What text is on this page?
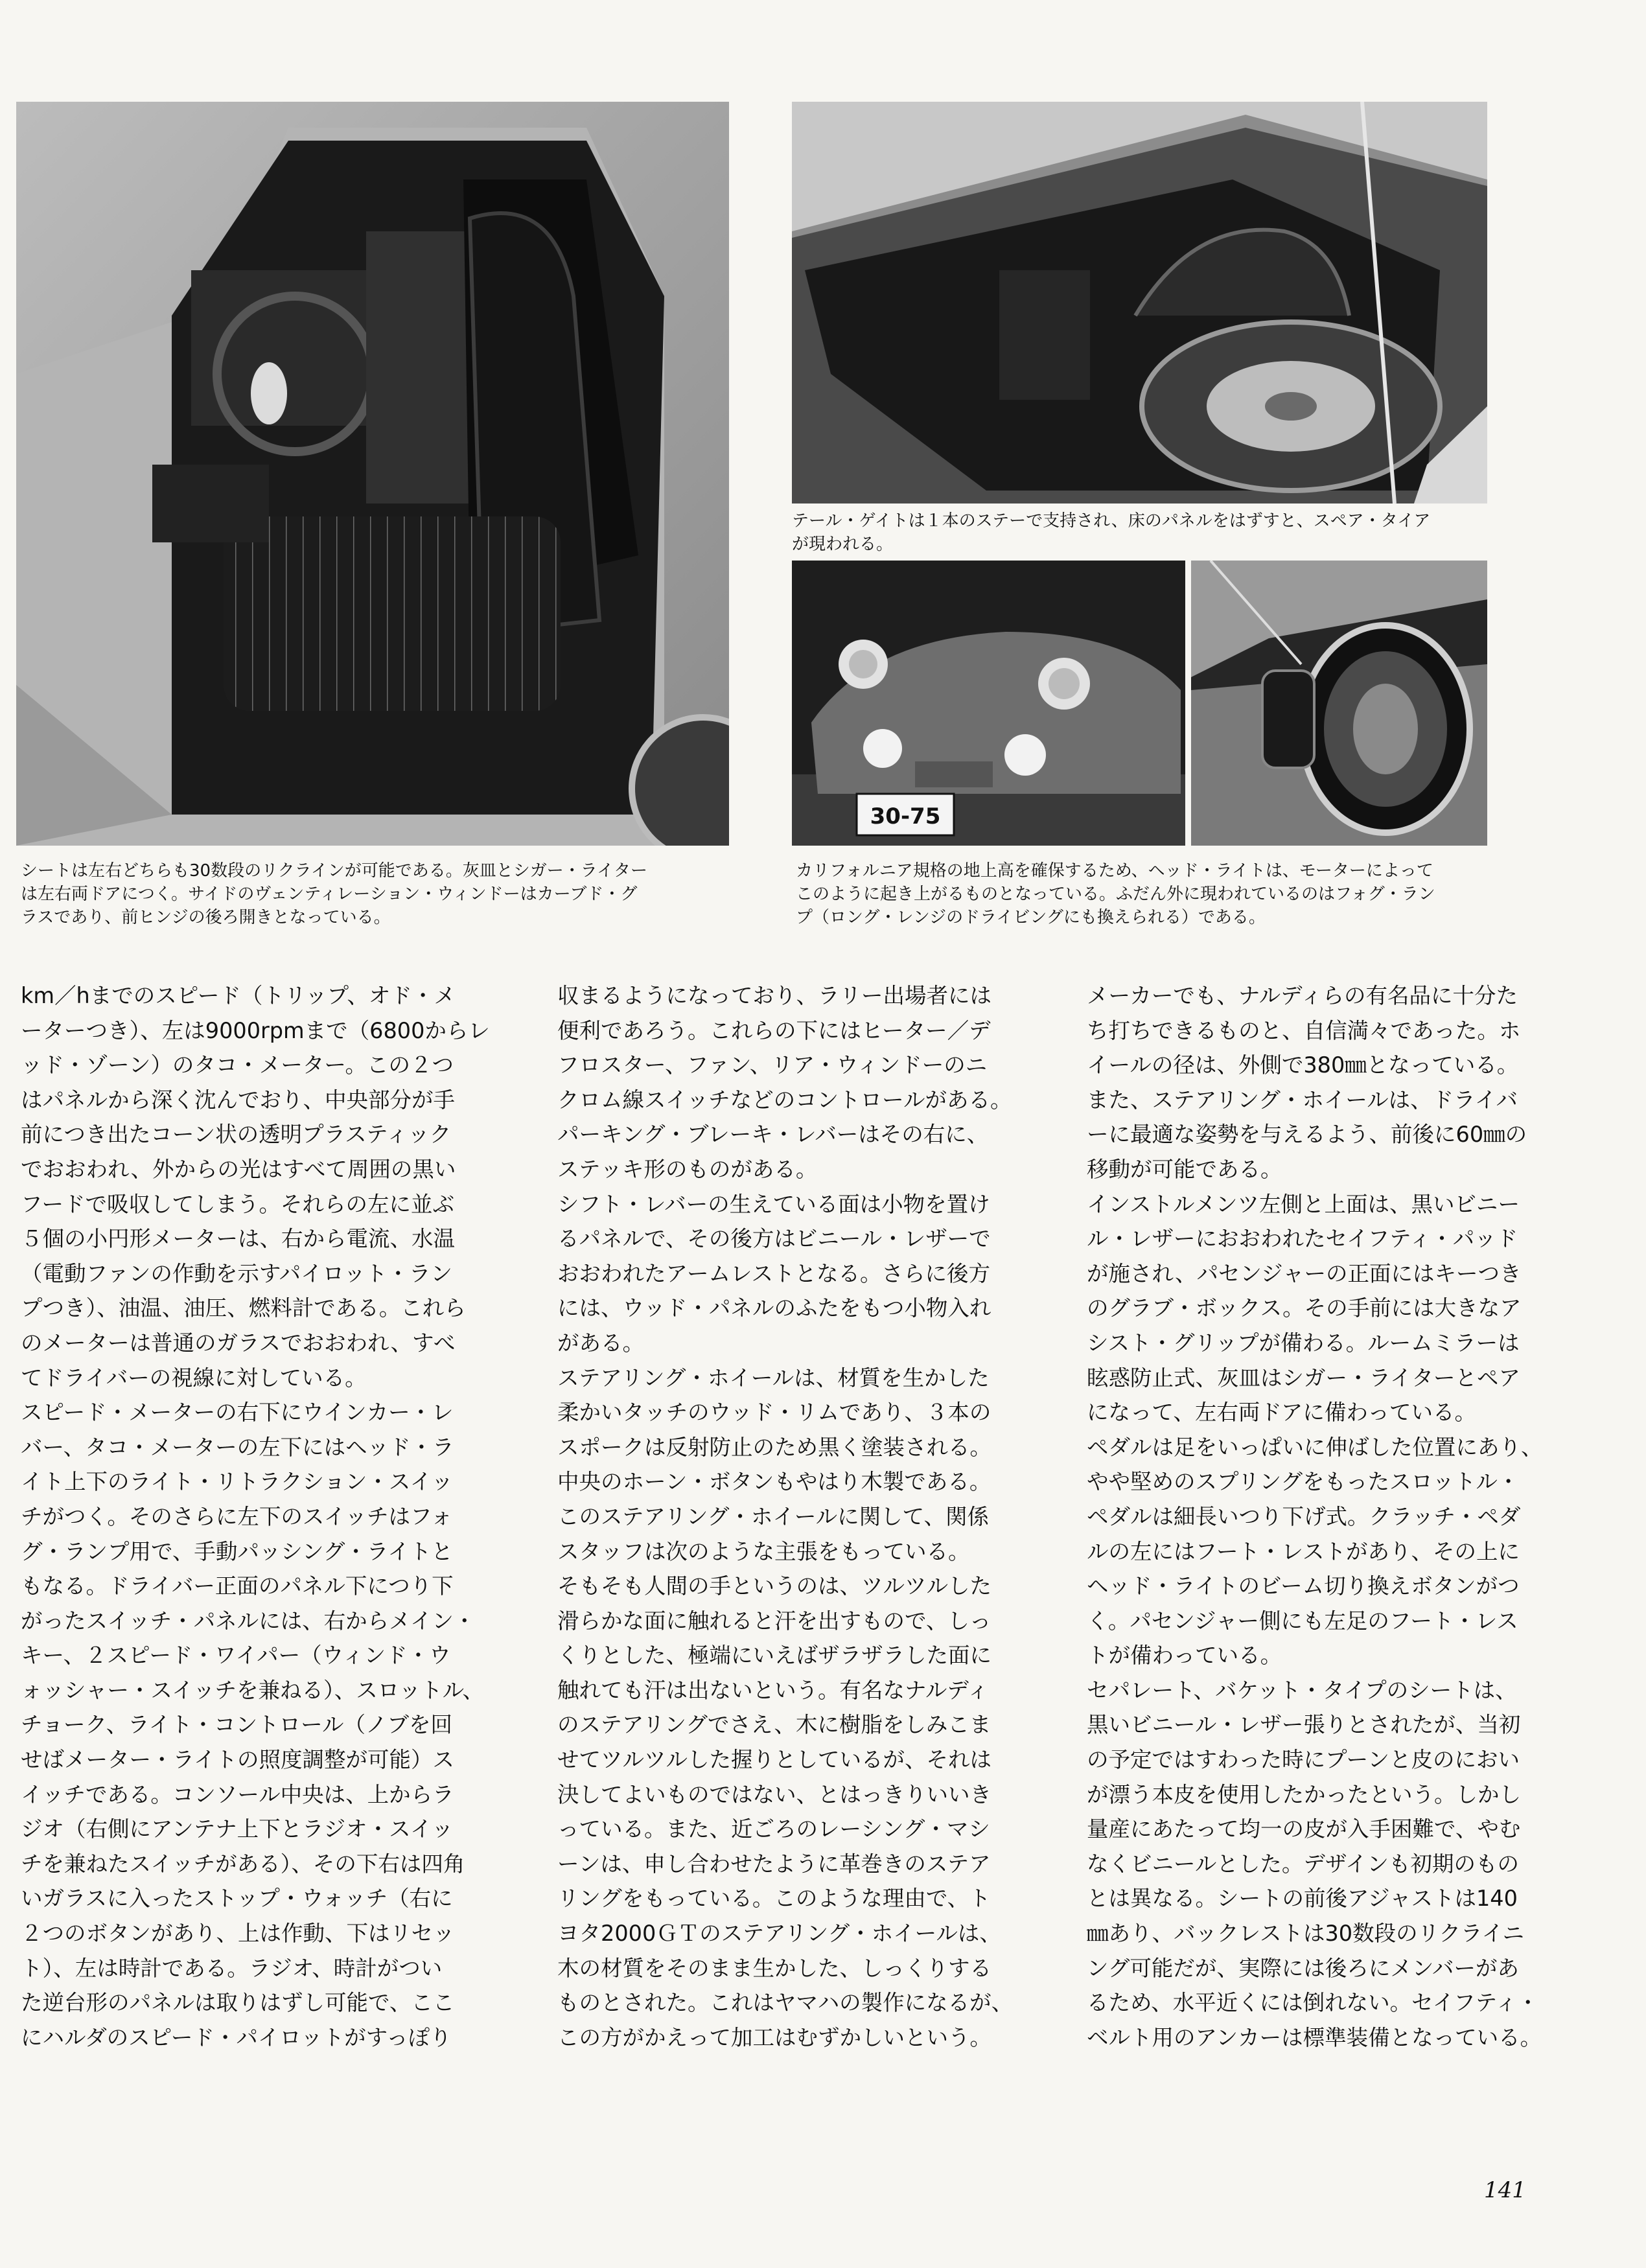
30-75
シートは左右どちらも30数段のリクラインが可能である。灰皿とシガー・ライター
は左右両ドアにつく。サイドのヴェンティレーション・ウィンドーはカーブド・グ
ラスであり、前ヒンジの後ろ開きとなっている。
テール・ゲイトは１本のステーで支持され、床のパネルをはずすと、スペア・タイア
が現われる。
カリフォルニア規格の地上高を確保するため、ヘッド・ライトは、モーターによって
このように起き上がるものとなっている。ふだん外に現われているのはフォグ・ラン
プ（ロング・レンジのドライビングにも換えられる）である。
km／hまでのスピード（トリップ、オド・メ
ーターつき）、左は9000rpmまで（6800からレ
ッド・ゾーン）のタコ・メーター。この２つ
はパネルから深く沈んでおり、中央部分が手
前につき出たコーン状の透明プラスティック
でおおわれ、外からの光はすべて周囲の黒い
フードで吸収してしまう。それらの左に並ぶ
５個の小円形メーターは、右から電流、水温
（電動ファンの作動を示すパイロット・ラン
プつき）、油温、油圧、燃料計である。これら
のメーターは普通のガラスでおおわれ、すべ
てドライバーの視線に対している。
スピード・メーターの右下にウインカー・レ
バー、タコ・メーターの左下にはヘッド・ラ
イト上下のライト・リトラクション・スイッ
チがつく。そのさらに左下のスイッチはフォ
グ・ランプ用で、手動パッシング・ライトと
もなる。ドライバー正面のパネル下につり下
がったスイッチ・パネルには、右からメイン・
キー、２スピード・ワイパー（ウィンド・ウ
ォッシャー・スイッチを兼ねる）、スロットル、
チョーク、ライト・コントロール（ノブを回
せばメーター・ライトの照度調整が可能）ス
イッチである。コンソール中央は、上からラ
ジオ（右側にアンテナ上下とラジオ・スイッ
チを兼ねたスイッチがある）、その下右は四角
いガラスに入ったストップ・ウォッチ（右に
２つのボタンがあり、上は作動、下はリセッ
ト）、左は時計である。ラジオ、時計がつい
た逆台形のパネルは取りはずし可能で、ここ
にハルダのスピード・パイロットがすっぽり
収まるようになっており、ラリー出場者には
便利であろう。これらの下にはヒーター／デ
フロスター、ファン、リア・ウィンドーのニ
クロム線スイッチなどのコントロールがある。
パーキング・ブレーキ・レバーはその右に、
ステッキ形のものがある。
シフト・レバーの生えている面は小物を置け
るパネルで、その後方はビニール・レザーで
おおわれたアームレストとなる。さらに後方
には、ウッド・パネルのふたをもつ小物入れ
がある。
ステアリング・ホイールは、材質を生かした
柔かいタッチのウッド・リムであり、３本の
スポークは反射防止のため黒く塗装される。
中央のホーン・ボタンもやはり木製である。
このステアリング・ホイールに関して、関係
スタッフは次のような主張をもっている。
そもそも人間の手というのは、ツルツルした
滑らかな面に触れると汗を出すもので、しっ
くりとした、極端にいえばザラザラした面に
触れても汗は出ないという。有名なナルディ
のステアリングでさえ、木に樹脂をしみこま
せてツルツルした握りとしているが、それは
決してよいものではない、とはっきりいいき
っている。また、近ごろのレーシング・マシ
ーンは、申し合わせたように革巻きのステア
リングをもっている。このような理由で、ト
ヨタ2000ＧＴのステアリング・ホイールは、
木の材質をそのまま生かした、しっくりする
ものとされた。これはヤマハの製作になるが、
この方がかえって加工はむずかしいという。
メーカーでも、ナルディらの有名品に十分た
ち打ちできるものと、自信満々であった。ホ
イールの径は、外側で380㎜となっている。
また、ステアリング・ホイールは、ドライバ
ーに最適な姿勢を与えるよう、前後に60㎜の
移動が可能である。
インストルメンツ左側と上面は、黒いビニー
ル・レザーにおおわれたセイフティ・パッド
が施され、パセンジャーの正面にはキーつき
のグラブ・ボックス。その手前には大きなア
シスト・グリップが備わる。ルームミラーは
眩惑防止式、灰皿はシガー・ライターとペア
になって、左右両ドアに備わっている。
ペダルは足をいっぱいに伸ばした位置にあり、
やや堅めのスプリングをもったスロットル・
ペダルは細長いつり下げ式。クラッチ・ペダ
ルの左にはフート・レストがあり、その上に
ヘッド・ライトのビーム切り換えボタンがつ
く。パセンジャー側にも左足のフート・レス
トが備わっている。
セパレート、バケット・タイプのシートは、
黒いビニール・レザー張りとされたが、当初
の予定ではすわった時にプーンと皮のにおい
が漂う本皮を使用したかったという。しかし
量産にあたって均一の皮が入手困難で、やむ
なくビニールとした。デザインも初期のもの
とは異なる。シートの前後アジャストは140
㎜あり、バックレストは30数段のリクライニ
ング可能だが、実際には後ろにメンバーがあ
るため、水平近くには倒れない。セイフティ・
ベルト用のアンカーは標準装備となっている。
141
